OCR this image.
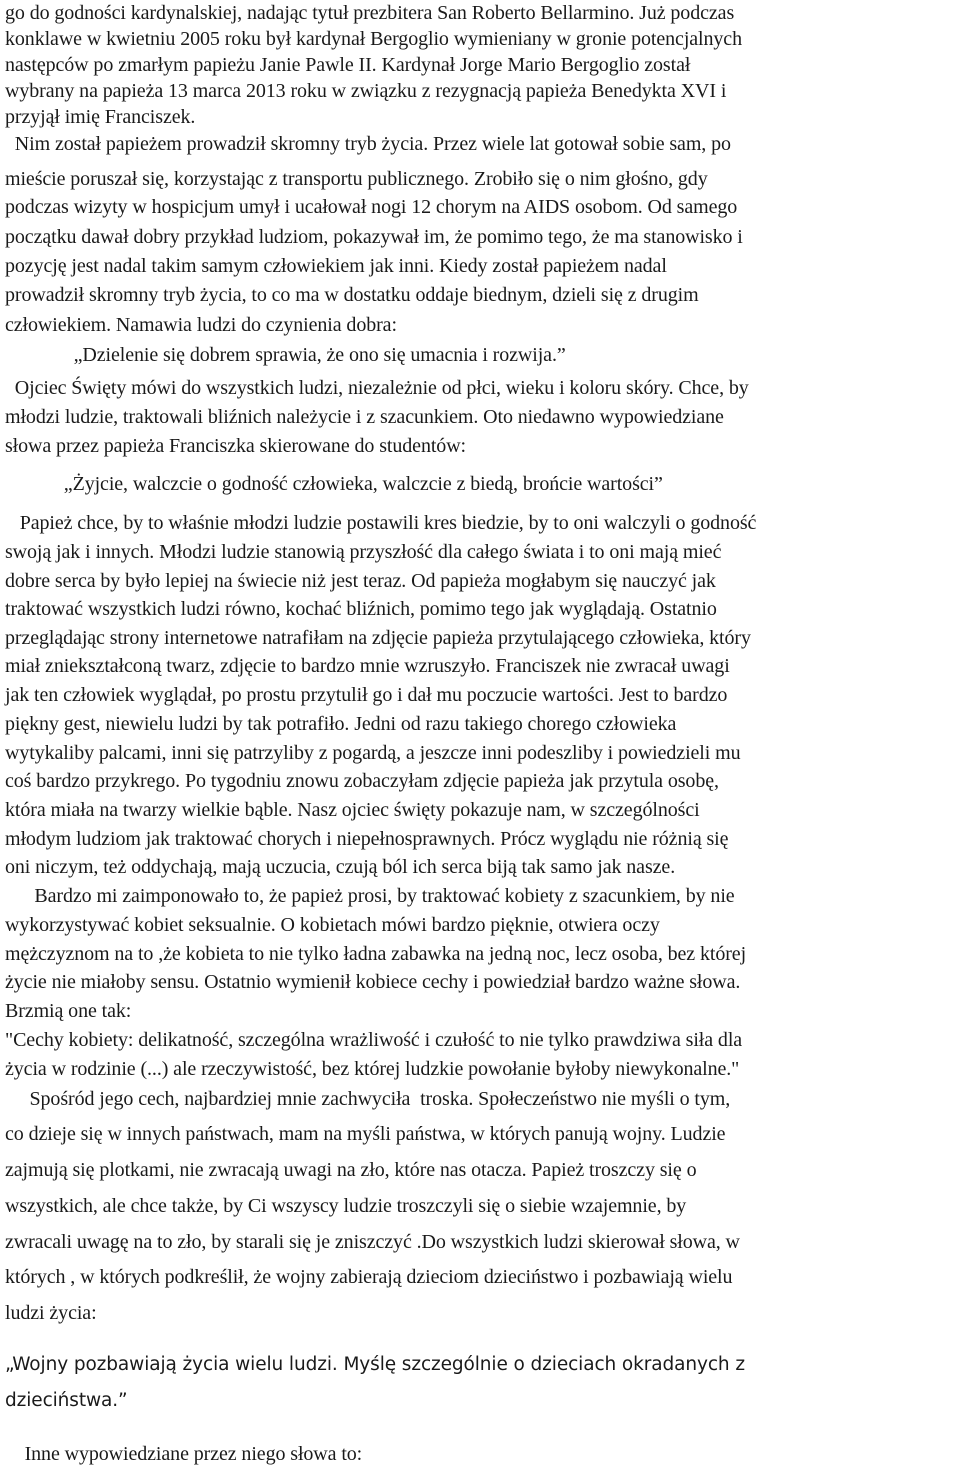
go do godności kardynalskiej, nadając tytuł prezbitera San Roberto Bellarmino. Już podczas
konklawe w kwietniu 2005 roku był kardynał Bergoglio wymieniany w gronie potencjalnych
następców po zmarłym papieżu Janie Pawle II. Kardynał Jorge Mario Bergoglio został
wybrany na papieża 13 marca 2013 roku w związku z rezygnacją papieża Benedykta XVI i
przyjął imię Franciszek.
Nim został papieżem prowadził skromny tryb życia. Przez wiele lat gotował sobie sam, po
mieście poruszał się, korzystając z transportu publicznego. Zrobiło się o nim głośno, gdy
podczas wizyty w hospicjum umył i ucałował nogi 12 chorym na AIDS osobom. Od samego
początku dawał dobry przykład ludziom, pokazywał im, że pomimo tego, że ma stanowisko i
pozycję jest nadal takim samym człowiekiem jak inni. Kiedy został papieżem nadal
prowadził skromny tryb życia, to co ma w dostatku oddaje biednym, dzieli się z drugim
człowiekiem. Namawia ludzi do czynienia dobra:
„Dzielenie się dobrem sprawia, że ono się umacnia i rozwija.”
Ojciec Święty mówi do wszystkich ludzi, niezależnie od płci, wieku i koloru skóry. Chce, by
młodzi ludzie, traktowali bliźnich należycie i z szacunkiem. Oto niedawno wypowiedziane
słowa przez papieża Franciszka skierowane do studentów:
„Żyjcie, walczcie o godność człowieka, walczcie z biedą, brońcie wartości”
Papież chce, by to właśnie młodzi ludzie postawili kres biedzie, by to oni walczyli o godność
swoją jak i innych. Młodzi ludzie stanowią przyszłość dla całego świata i to oni mają mieć
dobre serca by było lepiej na świecie niż jest teraz. Od papieża mogłabym się nauczyć jak
traktować wszystkich ludzi równo, kochać bliźnich, pomimo tego jak wyglądają. Ostatnio
przeglądając strony internetowe natrafiłam na zdjęcie papieża przytulającego człowieka, który
miał zniekształconą twarz, zdjęcie to bardzo mnie wzruszyło. Franciszek nie zwracał uwagi
jak ten człowiek wyglądał, po prostu przytulił go i dał mu poczucie wartości. Jest to bardzo
piękny gest, niewielu ludzi by tak potrafiło. Jedni od razu takiego chorego człowieka
wytykaliby palcami, inni się patrzyliby z pogardą, a jeszcze inni podeszliby i powiedzieli mu
coś bardzo przykrego. Po tygodniu znowu zobaczyłam zdjęcie papieża jak przytula osobę,
która miała na twarzy wielkie bąble. Nasz ojciec święty pokazuje nam, w szczególności
młodym ludziom jak traktować chorych i niepełnosprawnych. Prócz wyglądu nie różnią się
oni niczym, też oddychają, mają uczucia, czują ból ich serca biją tak samo jak nasze.
Bardzo mi zaimponowało to, że papież prosi, by traktować kobiety z szacunkiem, by nie
wykorzystywać kobiet seksualnie. O kobietach mówi bardzo pięknie, otwiera oczy
mężczyznom na to ,że kobieta to nie tylko ładna zabawka na jedną noc, lecz osoba, bez której
życie nie miałoby sensu. Ostatnio wymienił kobiece cechy i powiedział bardzo ważne słowa.
Brzmią one tak:
"Cechy kobiety: delikatność, szczególna wrażliwość i czułość to nie tylko prawdziwa siła dla
życia w rodzinie (...) ale rzeczywistość, bez której ludzkie powołanie byłoby niewykonalne."
Spośród jego cech, najbardziej mnie zachwyciła  troska. Społeczeństwo nie myśli o tym,
co dzieje się w innych państwach, mam na myśli państwa, w których panują wojny. Ludzie
zajmują się plotkami, nie zwracają uwagi na zło, które nas otacza. Papież troszczy się o
wszystkich, ale chce także, by Ci wszyscy ludzie troszczyli się o siebie wzajemnie, by
zwracali uwagę na to zło, by starali się je zniszczyć .Do wszystkich ludzi skierował słowa, w
których , w których podkreślił, że wojny zabierają dzieciom dzieciństwo i pozbawiają wielu
ludzi życia:
„Wojny pozbawiają życia wielu ludzi. Myślę szczególnie o dzieciach okradanych z
dzieciństwa.”
Inne wypowiedziane przez niego słowa to:
